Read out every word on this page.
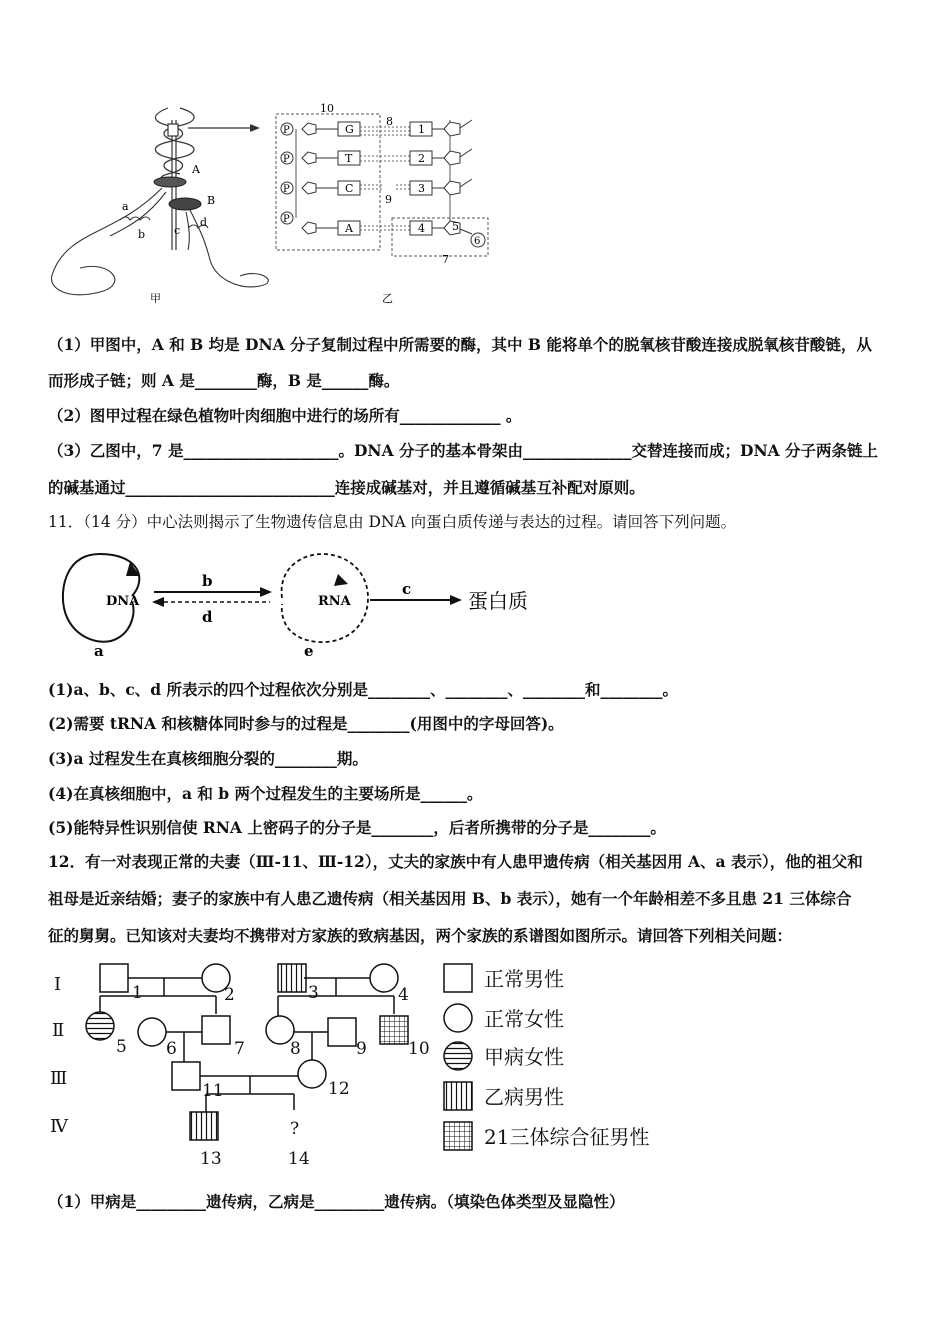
A
B
a
b	c
d
甲
10
8
9
7
P	G	1
P	T	2
P	C	3
P
A	4
6
5
乙
（1）甲图中，A 和 B 均是 DNA 分子复制过程中所需要的酶，其中 B 能将单个的脱氧核苷酸连接成脱氧核苷酸链，从
而形成子链；则 A 是________酶，B 是______酶。
（2）图甲过程在绿色植物叶肉细胞中进行的场所有_____________ 。
（3）乙图中，7 是____________________。DNA 分子的基本骨架由______________交替连接而成；DNA 分子两条链上
的碱基通过___________________________连接成碱基对，并且遵循碱基互补配对原则。
11．（14 分）中心法则揭示了生物遗传信息由 DNA 向蛋白质传递与表达的过程。请回答下列问题。
DNA
a
b
d
RNA
e
c	蛋白质
(1)a、b、c、d 所表示的四个过程依次分别是________、________、________和________。
(2)需要 tRNA 和核糖体同时参与的过程是________(用图中的字母回答)。
(3)a 过程发生在真核细胞分裂的________期。
(4)在真核细胞中，a 和 b 两个过程发生的主要场所是______。
(5)能特异性识别信使 RNA 上密码子的分子是________，后者所携带的分子是________。
12．有一对表现正常的夫妻（Ⅲ-11、Ⅲ-12），丈夫的家族中有人患甲遗传病（相关基因用 A、a 表示），他的祖父和
祖母是近亲结婚；妻子的家族中有人患乙遗传病（相关基因用 B、b 表示），她有一个年龄相差不多且患 21 三体综合
征的舅舅。已知该对夫妻均不携带对方家族的致病基因，两个家族的系谱图如图所示。请回答下列相关问题：
Ⅰ
Ⅱ
Ⅲ
Ⅳ
1	2	3	4
5 6	7	8	9 10
11	12
13	14
?
正常男性
正常女性
甲病女性
乙病男性
21三体综合征男性
（1）甲病是_________遗传病，乙病是_________遗传病。（填染色体类型及显隐性）
